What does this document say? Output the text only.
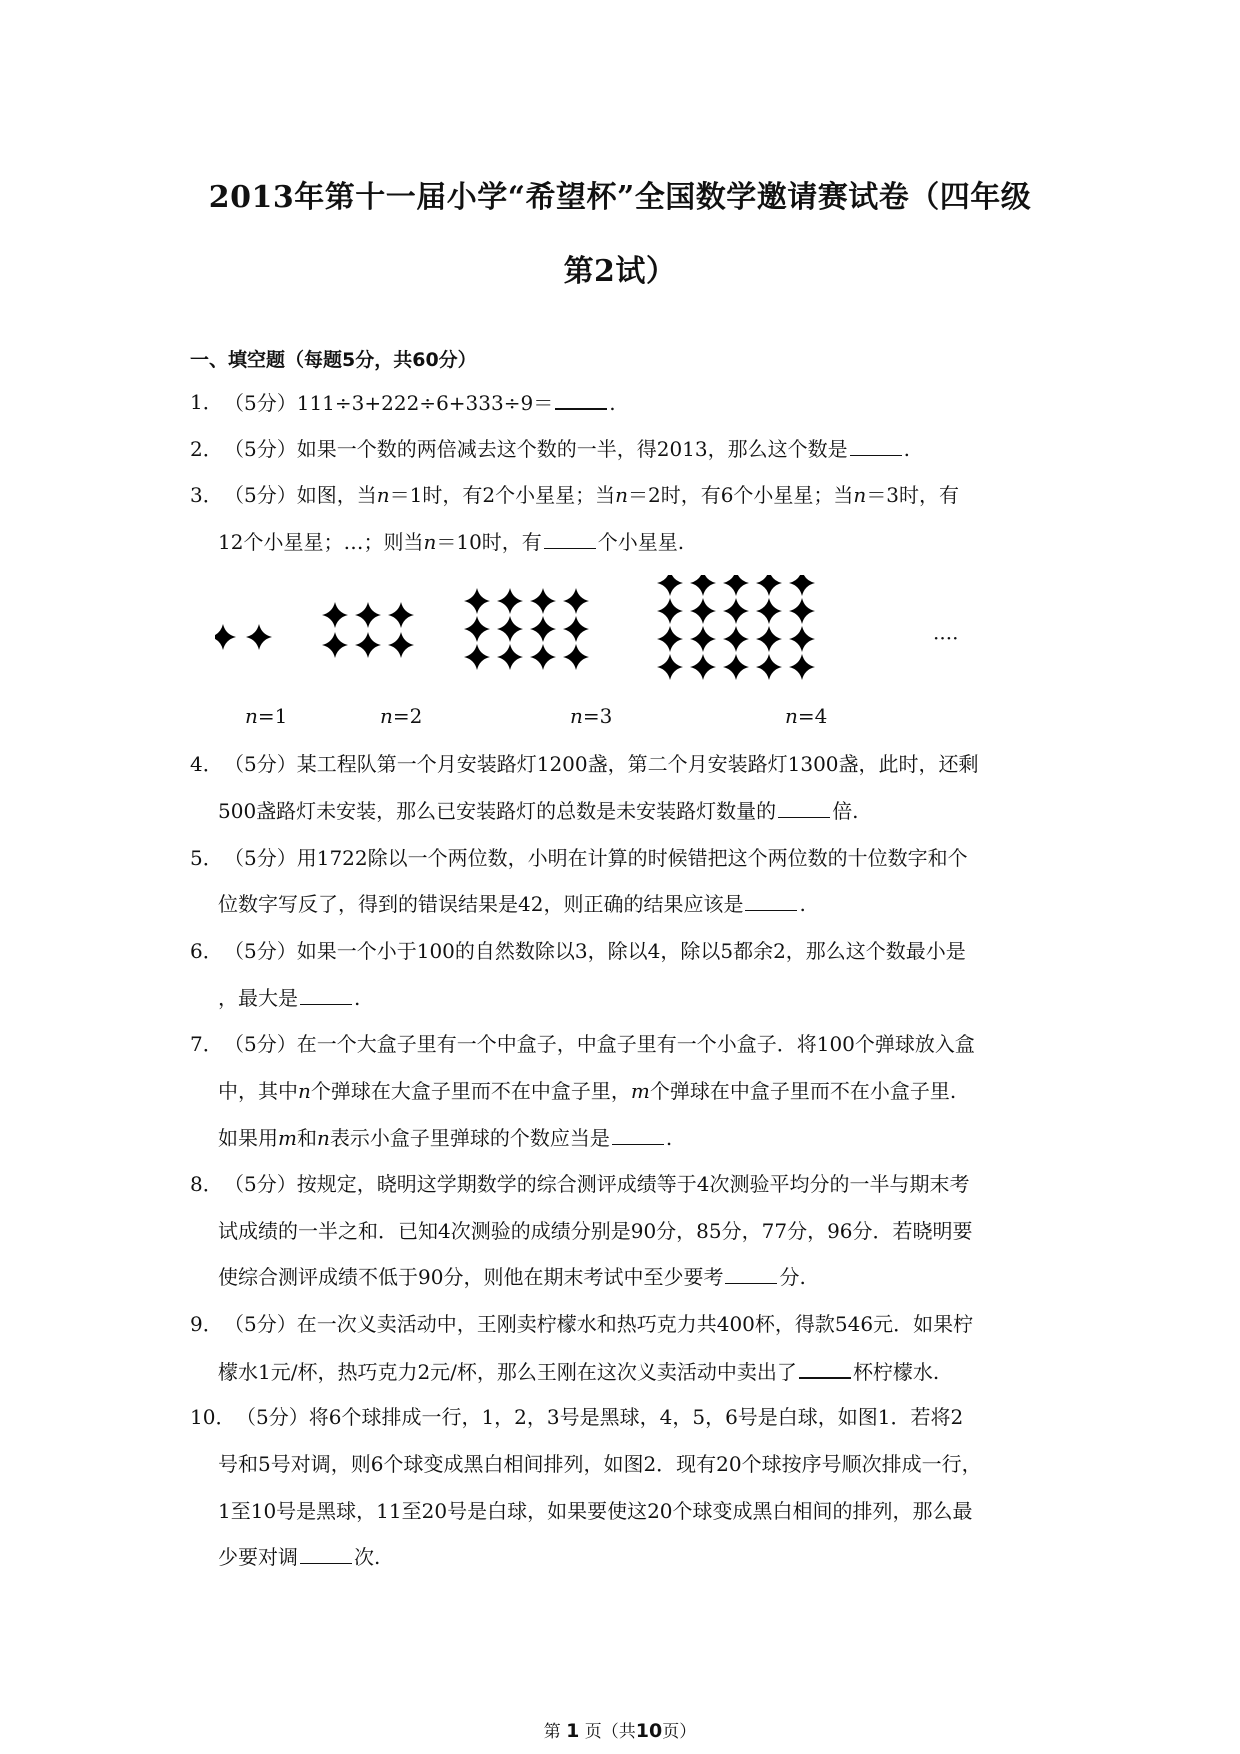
2013年第十一届小学“希望杯”全国数学邀请赛试卷（四年级
第2试）
一、填空题（每题5分，共60分）
1． （5分）111÷3+222÷6+333÷9＝	.
2． （5分）如果一个数的两倍减去这个数的一半，得2013，那么这个数是	.
3． （5分）如图，当n＝1时，有2个小星星；当n＝2时，有6个小星星；当n＝3时，有
12个小星星；…；则当n＝10时，有	个小星星.
n=1	n=2	n=3	n=4
····
4． （5分）某工程队第一个月安装路灯1200盏，第二个月安装路灯1300盏，此时，还剩
500盏路灯未安装，那么已安装路灯的总数是未安装路灯数量的	倍.
5． （5分）用1722除以一个两位数，小明在计算的时候错把这个两位数的十位数字和个
位数字写反了，得到的错误结果是42，则正确的结果应该是	.
6． （5分）如果一个小于100的自然数除以3，除以4，除以5都余2，那么这个数最小是
，最大是	.
7． （5分）在一个大盒子里有一个中盒子，中盒子里有一个小盒子．将100个弹球放入盒
中，其中n个弹球在大盒子里而不在中盒子里，m个弹球在中盒子里而不在小盒子里.
如果用m和n表示小盒子里弹球的个数应当是	.
8． （5分）按规定，晓明这学期数学的综合测评成绩等于4次测验平均分的一半与期末考
试成绩的一半之和．已知4次测验的成绩分别是90分，85分，77分，96分．若晓明要
使综合测评成绩不低于90分，则他在期末考试中至少要考	分.
9． （5分）在一次义卖活动中，王刚卖柠檬水和热巧克力共400杯，得款546元．如果柠
檬水1元/杯，热巧克力2元/杯，那么王刚在这次义卖活动中卖出了	杯柠檬水.
10． （5分）将6个球排成一行，1，2，3号是黑球，4，5，6号是白球，如图1．若将2
号和5号对调，则6个球变成黑白相间排列，如图2．现有20个球按序号顺次排成一行，
1至10号是黑球，11至20号是白球，如果要使这20个球变成黑白相间的排列，那么最
少要对调	次.
第 1 页（共10页）
